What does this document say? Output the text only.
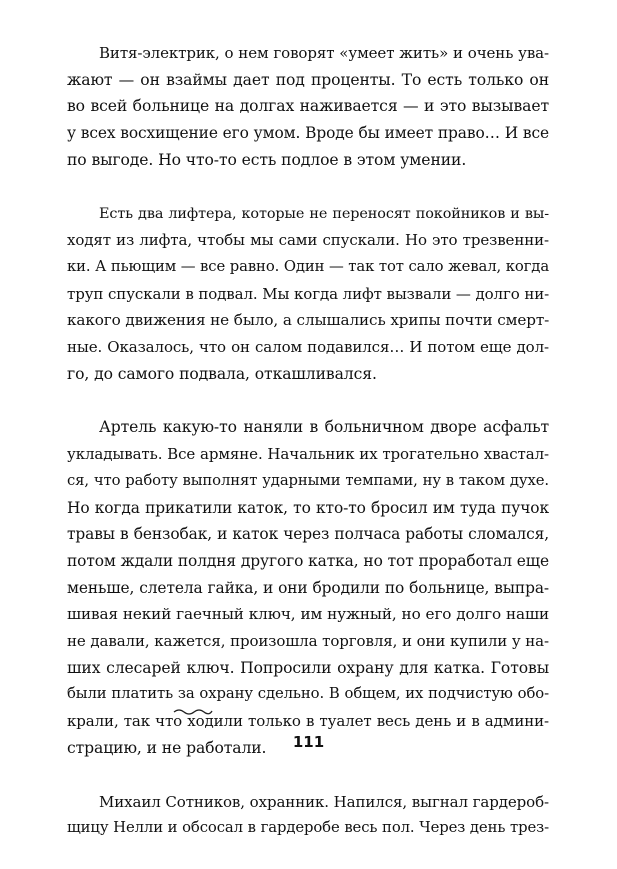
Витя-электрик, о нем говорят «умеет жить» и очень ува-
жают — он взаймы дает под проценты. То есть только он
во всей больнице на долгах наживается — и это вызывает
у всех восхищение его умом. Вроде бы имеет право… И все
по выгоде. Но что-то есть подлое в этом умении.

Есть два лифтера, которые не переносят покойников и вы-
ходят из лифта, чтобы мы сами спускали. Но это трезвенни-
ки. А пьющим — все равно. Один — так тот сало жевал, когда
труп спускали в подвал. Мы когда лифт вызвали — долго ни-
какого движения не было, а слышались хрипы почти смерт-
ные. Оказалось, что он салом подавился… И потом еще дол-
го, до самого подвала, откашливался.

Артель какую-то наняли в больничном дворе асфальт
укладывать. Все армяне. Начальник их трогательно хвастал-
ся, что работу выполнят ударными темпами, ну в таком духе.
Но когда прикатили каток, то кто-то бросил им туда пучок
травы в бензобак, и каток через полчаса работы сломался,
потом ждали полдня другого катка, но тот проработал еще
меньше, слетела гайка, и они бродили по больнице, выпра-
шивая некий гаечный ключ, им нужный, но его долго наши
не давали, кажется, произошла торговля, и они купили у на-
ших слесарей ключ. Попросили охрану для катка. Готовы
были платить за охрану сдельно. В общем, их подчистую обо-
крали, так что ходили только в туалет весь день и в админи-
страцию, и не работали.

Михаил Сотников, охранник. Напился, выгнал гардероб-
щицу Нелли и обсосал в гардеробе весь пол. Через день трез-

111
